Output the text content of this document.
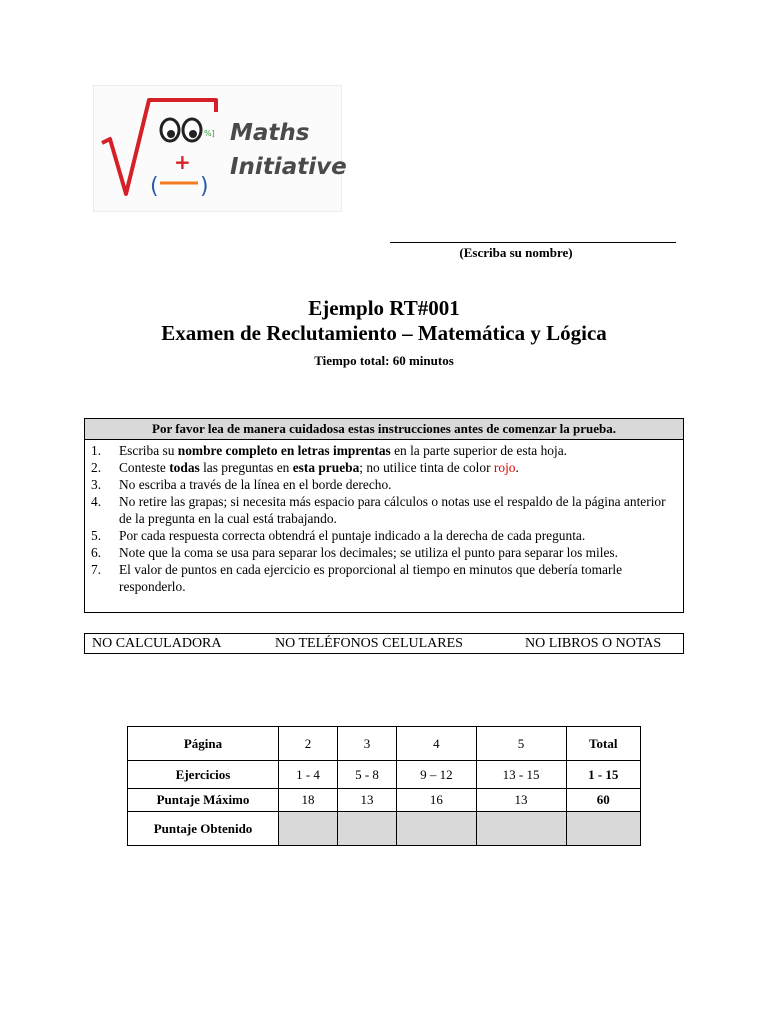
%]
+
( )
Maths
Initiative
(Escriba su nombre)
Ejemplo RT#001
Examen de Reclutamiento – Matemática y Lógica
Tiempo total: 60 minutos
Por favor lea de manera cuidadosa estas instrucciones antes de comenzar la prueba.
1.	Escriba su nombre completo en letras imprentas en la parte superior de esta hoja.
2.	Conteste todas las preguntas en esta prueba; no utilice tinta de color rojo.
3.	No escriba a través de la línea en el borde derecho.
4.	No retire las grapas; si necesita más espacio para cálculos o notas use el respaldo de la página anterior de la pregunta en la cual está trabajando.
5.	Por cada respuesta correcta obtendrá el puntaje indicado a la derecha de cada pregunta.
6.	Note que la coma se usa para separar los decimales; se utiliza el punto para separar los miles.
7.	El valor de puntos en cada ejercicio es proporcional al tiempo en minutos que debería tomarle responderlo.
NO CALCULADORA	NO TELÉFONOS CELULARES	NO LIBROS O NOTAS
Página	2	3	4	5	Total
Ejercicios	1 - 4	5 - 8	9 – 12	13 - 15	1 - 15
Puntaje Máximo	18	13	16	13	60
Puntaje Obtenido					
